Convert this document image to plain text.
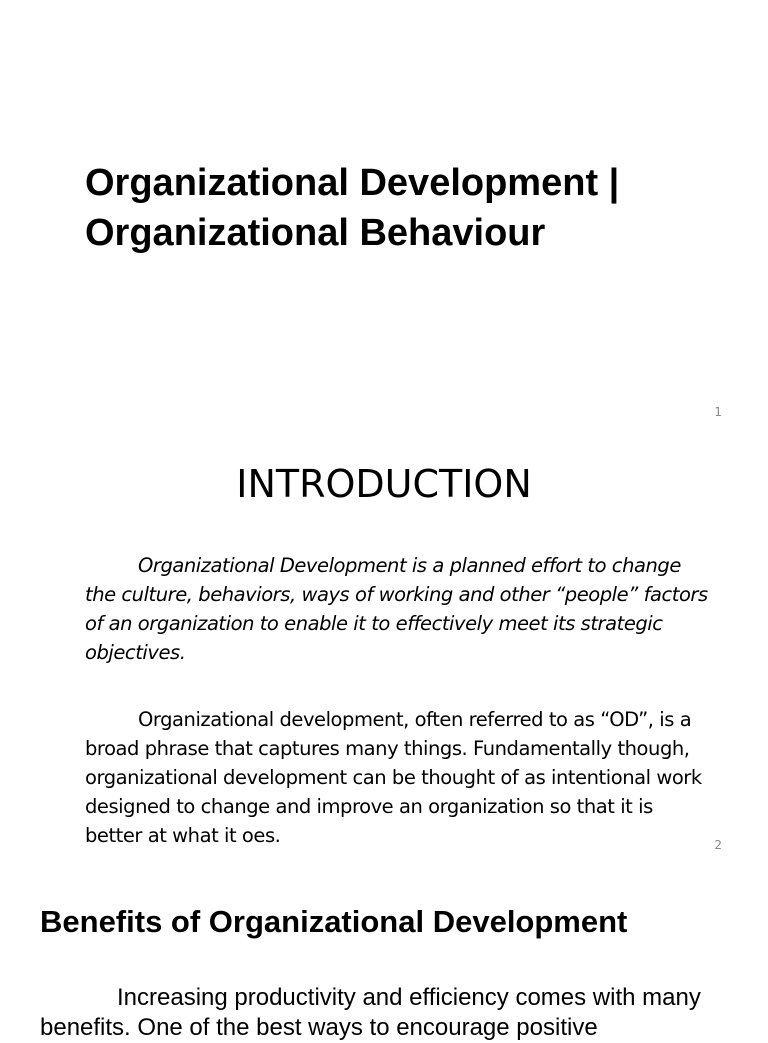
Organizational Development |
Organizational Behaviour
1
INTRODUCTION

Organizational Development is a planned effort to change the culture, behaviors, ways of working and other “people” factors of an organization to enable it to effectively meet its strategic objectives.

Organizational development, often referred to as “OD”, is a broad phrase that captures many things. Fundamentally though, organizational development can be thought of as intentional work designed to change and improve an organization so that it is better at what it oes.	2
Benefits of Organizational Development

Increasing productivity and efficiency comes with many benefits. One of the best ways to encourage positive
